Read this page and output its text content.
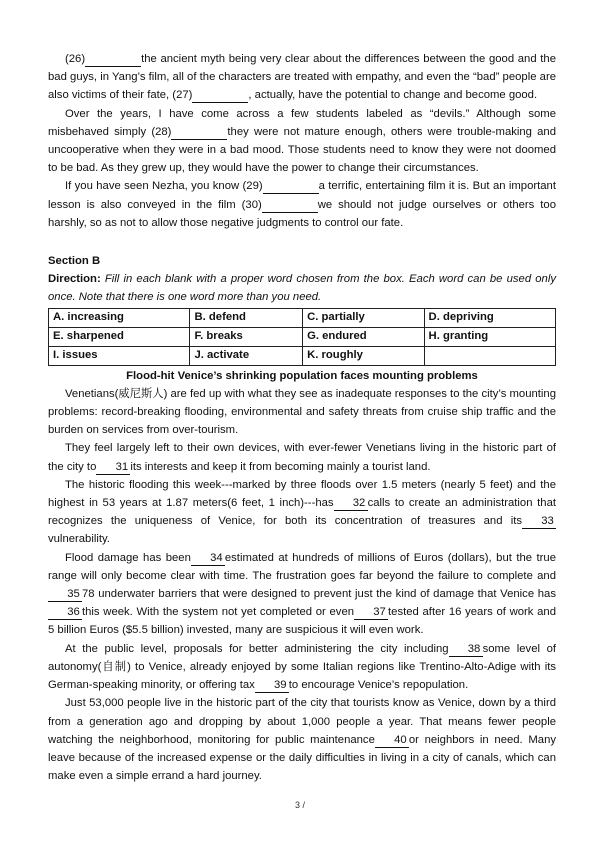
(26)	the ancient myth being very clear about the differences between the good and the bad guys, in Yang’s film, all of the characters are treated with empathy, and even the “bad” people are also victims of their fate, (27)	, actually, have the potential to change and become good.

Over the years, I have come across a few students labeled as “devils.” Although some misbehaved simply (28)	they were not mature enough, others were trouble-making and uncooperative when they were in a bad mood. Those students need to know they were not doomed to be bad. As they grew up, they would have the power to change their circumstances.

If you have seen Nezha, you know (29)	a terrific, entertaining film it is. But an important lesson is also conveyed in the film (30)	we should not judge ourselves or others too harshly, so as not to allow those negative judgments to control our fate.

Section B

Direction: Fill in each blank with a proper word chosen from the box. Each word can be used only once. Note that there is one word more than you need.

A. increasing	B. defend	C. partially	D. depriving
E. sharpened	F. breaks	G. endured	H. granting
I. issues	J. activate	K. roughly	

Flood-hit Venice’s shrinking population faces mounting problems

Venetians(威尼斯人) are fed up with what they see as inadequate responses to the city’s mounting problems: record-breaking flooding, environmental and safety threats from cruise ship traffic and the burden on services from over-tourism.

They feel largely left to their own devices, with ever-fewer Venetians living in the historic part of the city to 31 its interests and keep it from becoming mainly a tourist land.

The historic flooding this week---marked by three floods over 1.5 meters (nearly 5 feet) and the highest in 53 years at 1.87 meters(6 feet, 1 inch)---has 32 calls to create an administration that recognizes the uniqueness of Venice, for both its concentration of treasures and its 33vulnerability.

Flood damage has been 34 estimated at hundreds of millions of Euros (dollars), but the true range will only become clear with time. The frustration goes far beyond the failure to complete and35 78 underwater barriers that were designed to prevent just the kind of damage that Venice has36 this week. With the system not yet completed or even 37 tested after 16 years of work and 5 billion Euros ($5.5 billion) invested, many are suspicious it will even work.

At the public level, proposals for better administering the city including 38 some level of autonomy(自制) to Venice, already enjoyed by some Italian regions like Trentino-Alto-Adige with its German-speaking minority, or offering tax 39 to encourage Venice’s repopulation.

Just 53,000 people live in the historic part of the city that tourists know as Venice, down by a third from a generation ago and dropping by about 1,000 people a year. That means fewer people watching the neighborhood, monitoring for public maintenance 40 or neighbors in need. Many leave because of the increased expense or the daily difficulties in living in a city of canals, which can make even a simple errand a hard journey.

3 /
